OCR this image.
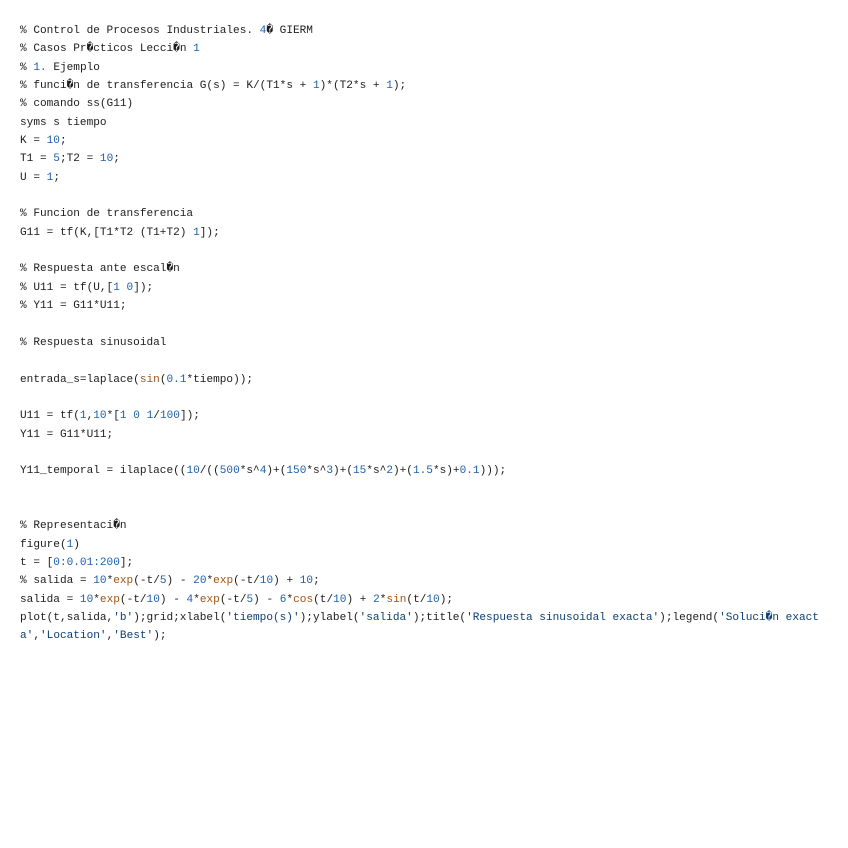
% Control de Procesos Industriales. 4� GIERM
% Casos Pr�cticos Lecci�n 1
% 1. Ejemplo
% funci�n de transferencia G(s) = K/(T1*s + 1)*(T2*s + 1);
% comando ss(G11)
syms s tiempo
K = 10;
T1 = 5;T2 = 10;
U = 1;

% Funcion de transferencia
G11 = tf(K,[T1*T2 (T1+T2) 1]);

% Respuesta ante escal�n
% U11 = tf(U,[1 0]);
% Y11 = G11*U11;

% Respuesta sinusoidal

entrada_s=laplace(sin(0.1*tiempo));

U11 = tf(1,10*[1 0 1/100]);
Y11 = G11*U11;

Y11_temporal = ilaplace((10/((500*s^4)+(150*s^3)+(15*s^2)+(1.5*s)+0.1)));

% Representaci�n
figure(1)
t = [0:0.01:200];
% salida = 10*exp(-t/5) - 20*exp(-t/10) + 10;
salida = 10*exp(-t/10) - 4*exp(-t/5) - 6*cos(t/10) + 2*sin(t/10);
plot(t,salida,'b');grid;xlabel('tiempo(s)');ylabel('salida');title('Respuesta sinusoidal exacta');legend('Soluci�n exacta','Location','Best');
